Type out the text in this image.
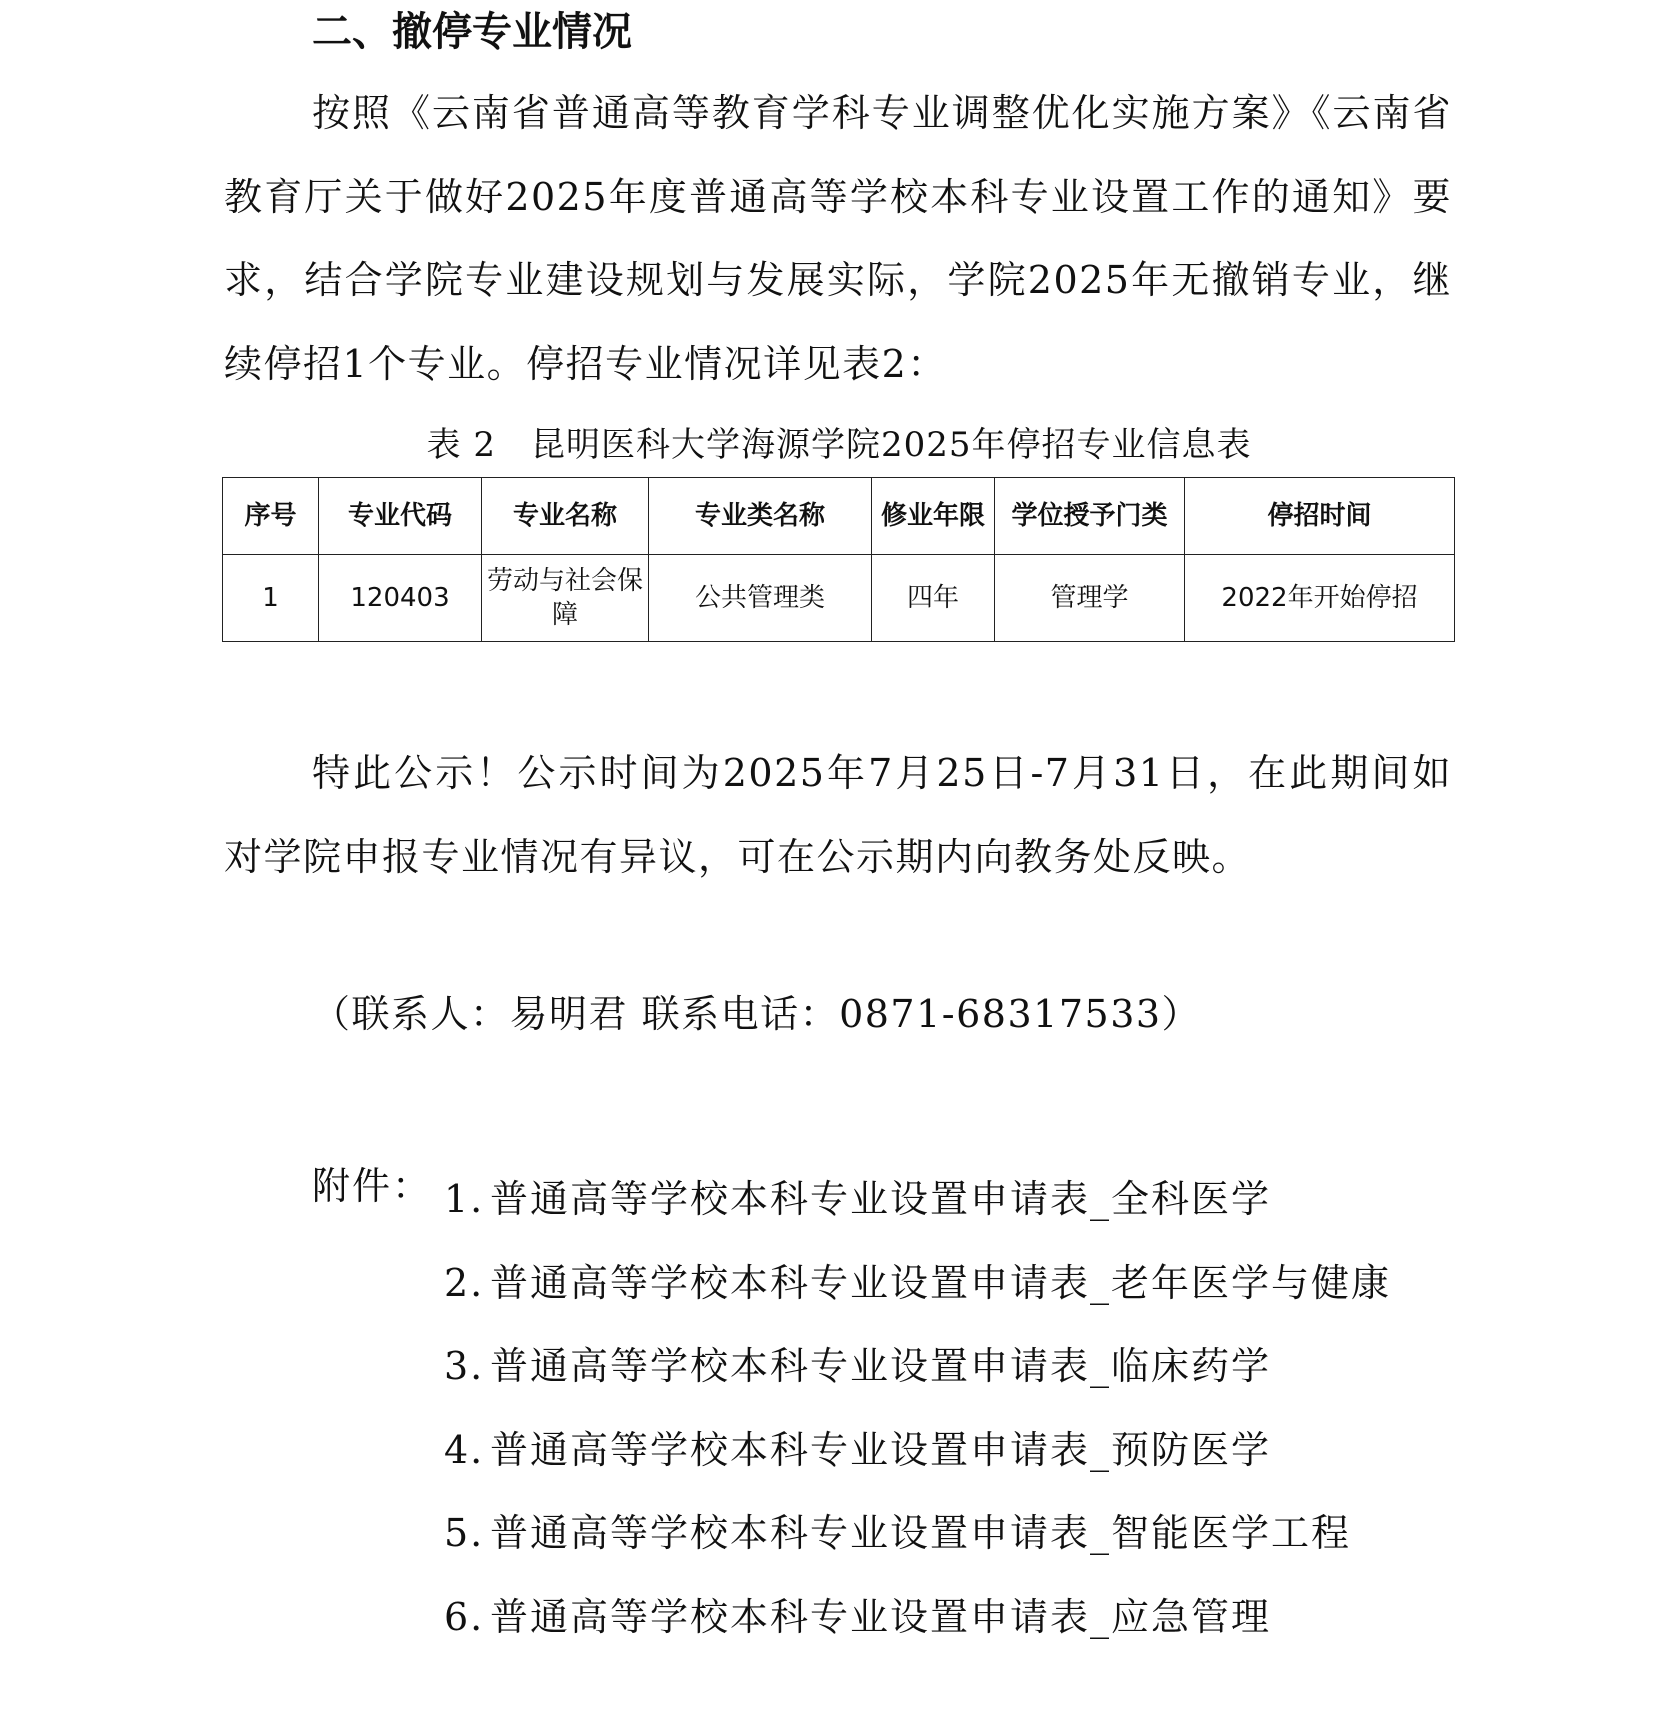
二、撤停专业情况

按照《云南省普通高等教育学科专业调整优化实施方案》《云南省教育厅关于做好2025年度普通高等学校本科专业设置工作的通知》要求，结合学院专业建设规划与发展实际，学院2025年无撤销专业，继续停招1个专业。停招专业情况详见表2：

表 2　昆明医科大学海源学院2025年停招专业信息表
序号	专业代码	专业名称	专业类名称	修业年限	学位授予门类	停招时间
1	120403	劳动与社会保障	公共管理类	四年	管理学	2022年开始停招

特此公示！公示时间为2025年7月25日-7月31日，在此期间如对学院申报专业情况有异议，可在公示期内向教务处反映。

（联系人：易明君 联系电话：0871-68317533）
附件： 1. 普通高等学校本科专业设置申请表_全科医学
2. 普通高等学校本科专业设置申请表_老年医学与健康
3. 普通高等学校本科专业设置申请表_临床药学
4. 普通高等学校本科专业设置申请表_预防医学
5. 普通高等学校本科专业设置申请表_智能医学工程
6. 普通高等学校本科专业设置申请表_应急管理
